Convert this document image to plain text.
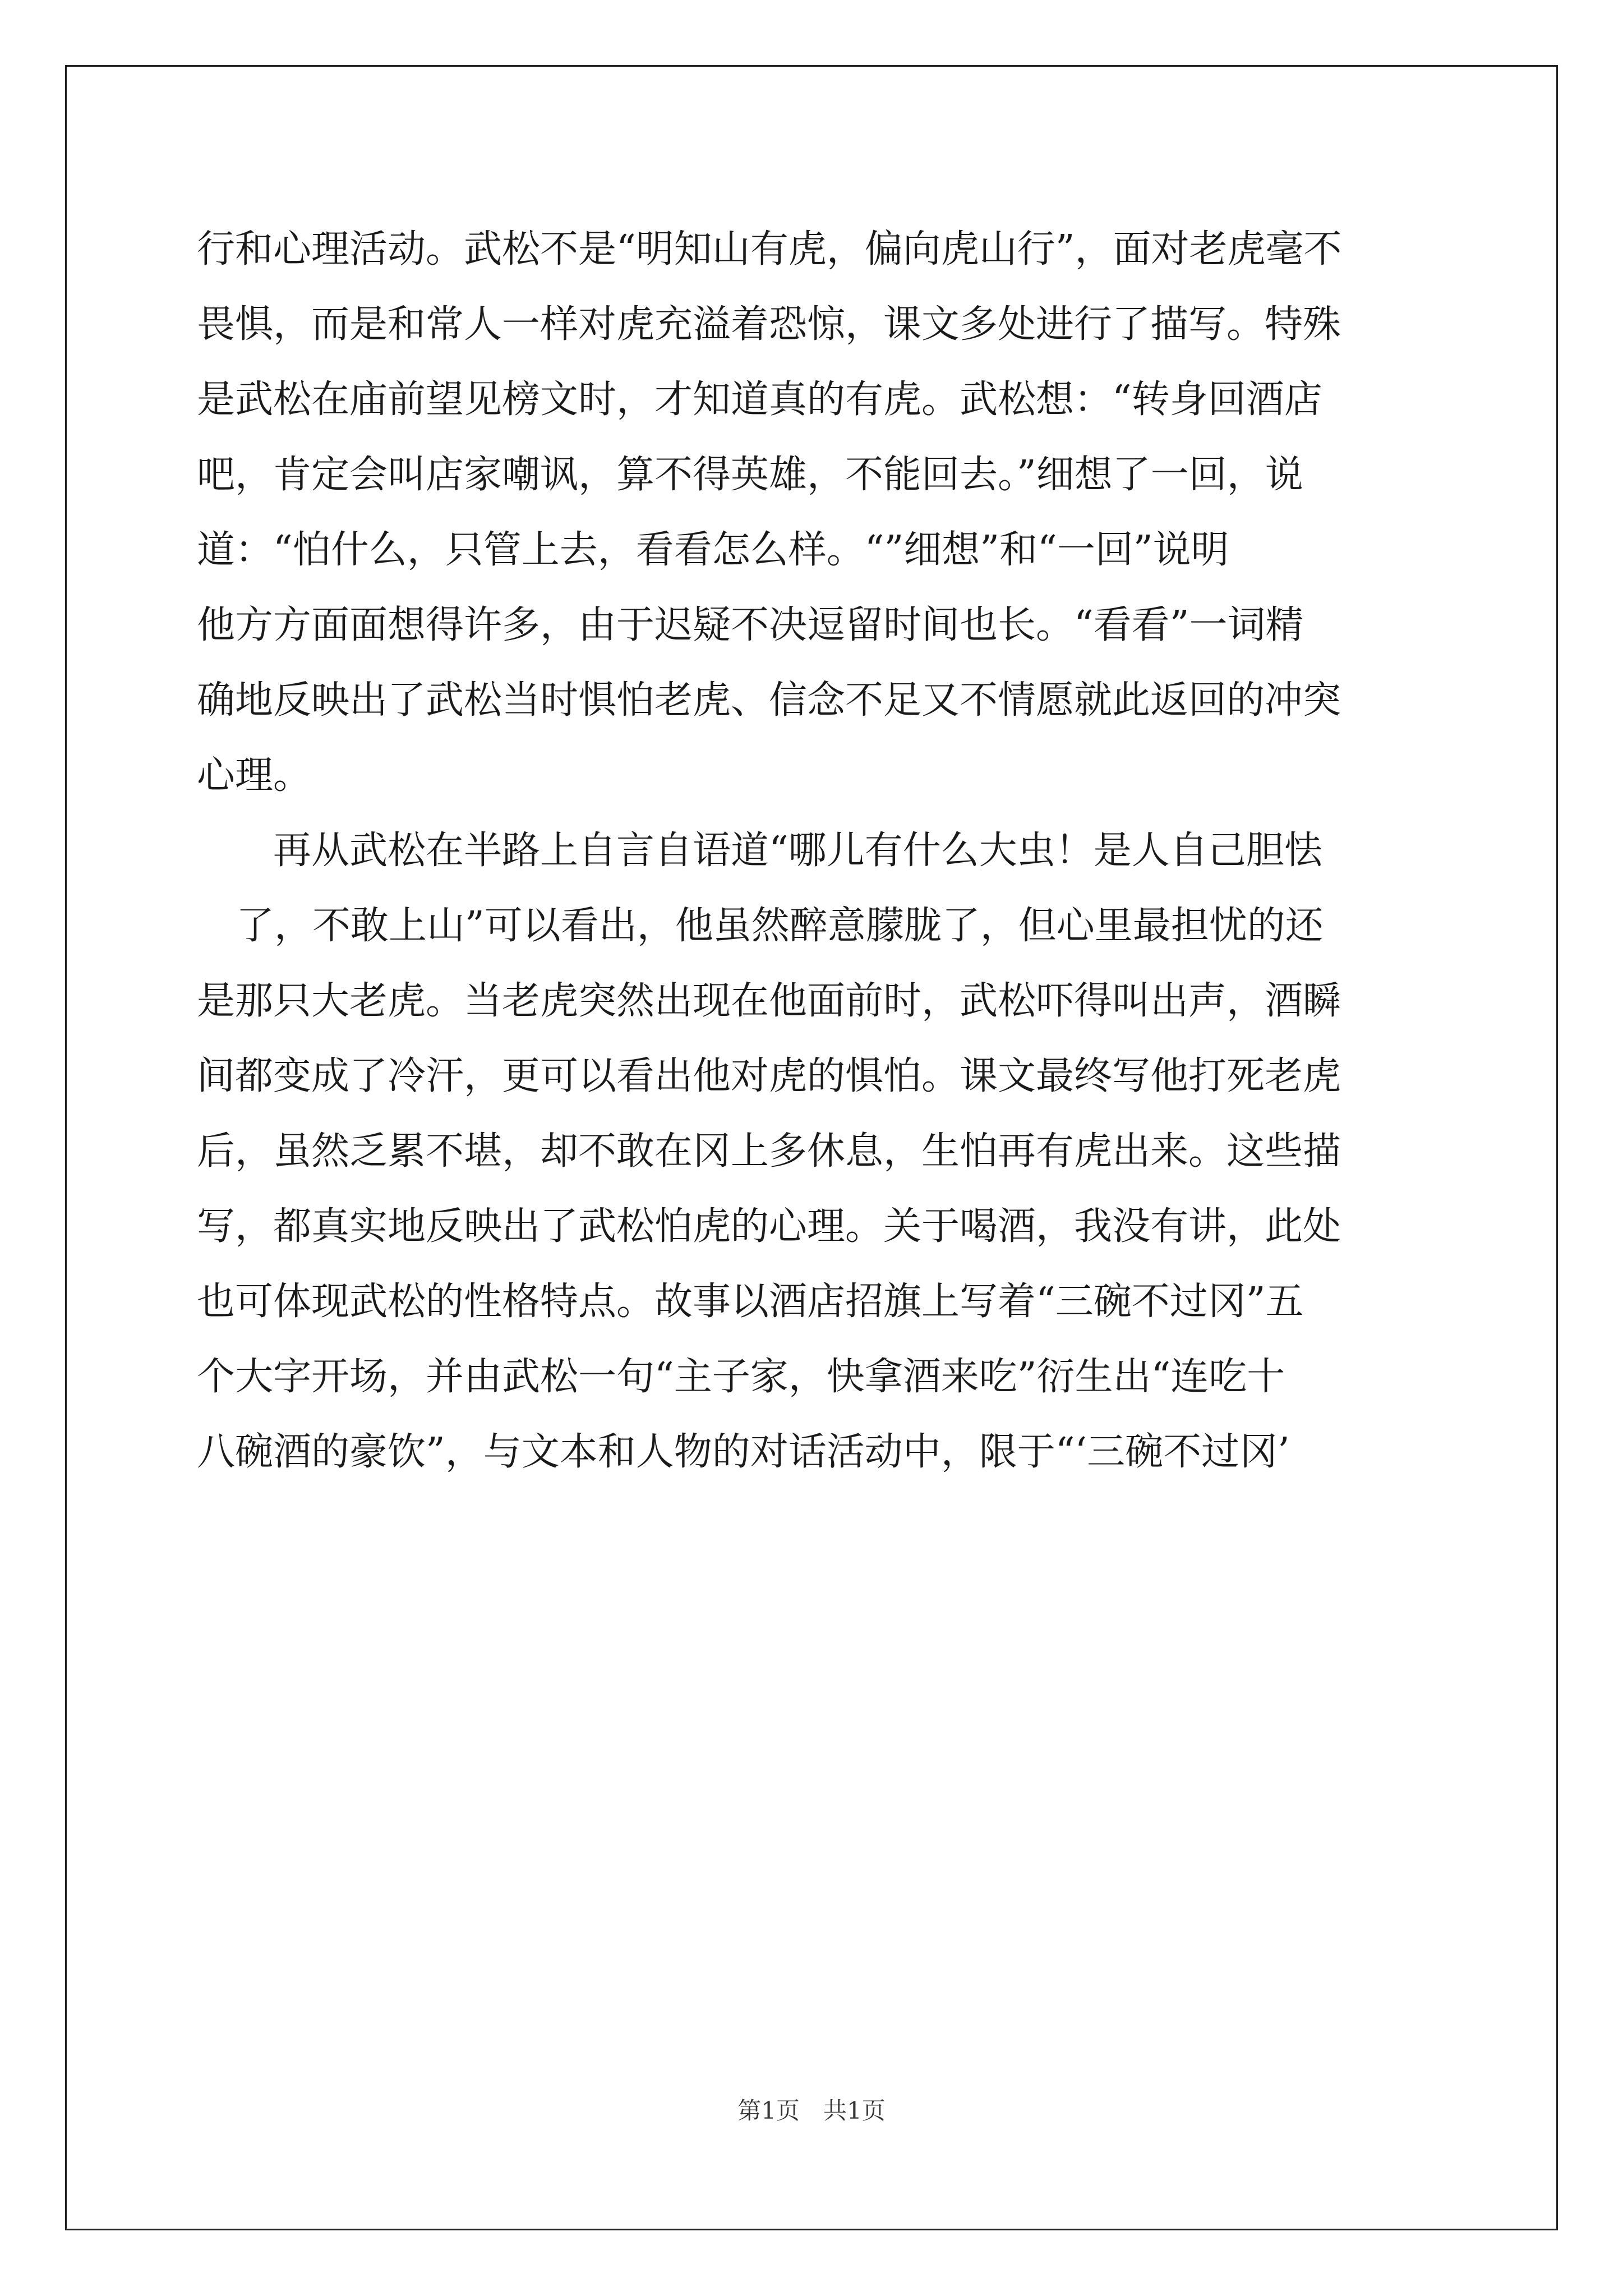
行和心理活动。武松不是“明知山有虎，偏向虎山行”，面对老虎毫不
畏惧，而是和常人一样对虎充溢着恐惊，课文多处进行了描写。特殊
是武松在庙前望见榜文时，才知道真的有虎。武松想：“转身回酒店
吧，肯定会叫店家嘲讽，算不得英雄，不能回去。”细想了一回，说
道：“怕什么，只管上去，看看怎么样。“”细想”和“一回”说明
他方方面面想得许多，由于迟疑不决逗留时间也长。“看看”一词精
确地反映出了武松当时惧怕老虎、信念不足又不情愿就此返回的冲突
心理。
再从武松在半路上自言自语道“哪儿有什么大虫！是人自己胆怯
了，不敢上山”可以看出，他虽然醉意朦胧了，但心里最担忧的还
是那只大老虎。当老虎突然出现在他面前时，武松吓得叫出声，酒瞬
间都变成了冷汗，更可以看出他对虎的惧怕。课文最终写他打死老虎
后，虽然乏累不堪，却不敢在冈上多休息，生怕再有虎出来。这些描
写，都真实地反映出了武松怕虎的心理。关于喝酒，我没有讲，此处
也可体现武松的性格特点。故事以酒店招旗上写着“三碗不过冈”五
个大字开场，并由武松一句“主子家，快拿酒来吃”衍生出“连吃十
八碗酒的豪饮”，与文本和人物的对话活动中，限于“‘三碗不过冈’
第1页　共1页
